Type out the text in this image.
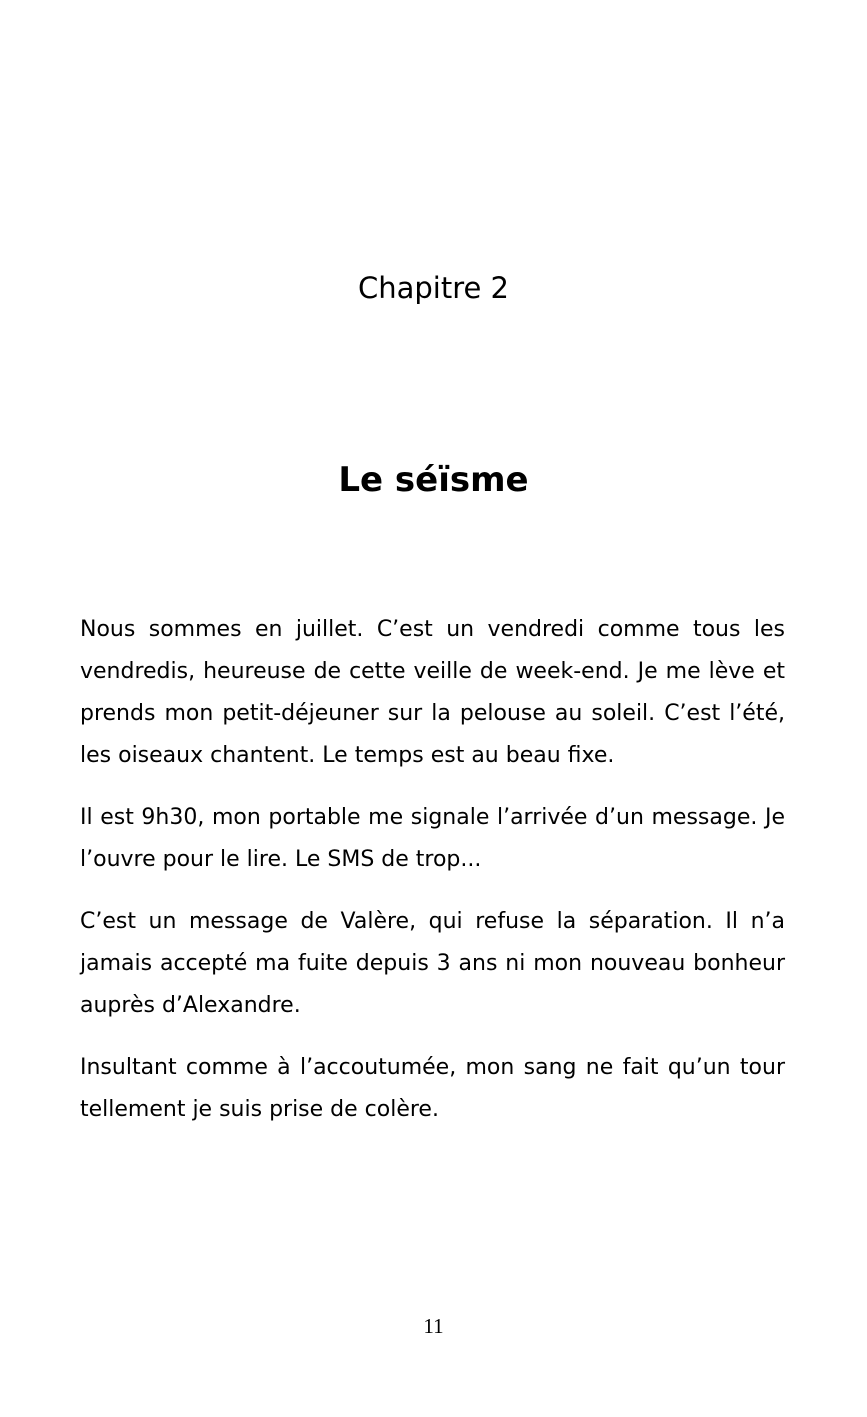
Chapitre 2
Le séïsme

Nous sommes en juillet. C’est un vendredi comme tous les vendredis, heureuse de cette veille de week-end. Je me lève et prends mon petit-déjeuner sur la pelouse au soleil. C’est l’été, les oiseaux chantent. Le temps est au beau fixe.

Il est 9h30, mon portable me signale l’arrivée d’un message. Je l’ouvre pour le lire. Le SMS de trop...

C’est un message de Valère, qui refuse la séparation. Il n’a jamais accepté ma fuite depuis 3 ans ni mon nouveau bonheur auprès d’Alexandre.

Insultant comme à l’accoutumée, mon sang ne fait qu’un tour tellement je suis prise de colère.

11
